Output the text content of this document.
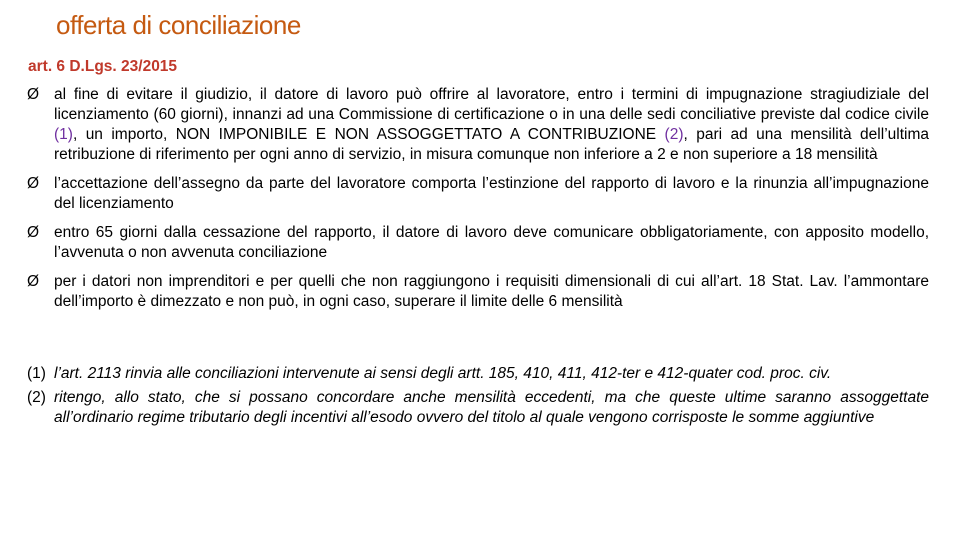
offerta di conciliazione
art. 6 D.Lgs. 23/2015
Ø al fine di evitare il giudizio, il datore di lavoro può offrire al lavoratore, entro i termini di impugnazione stragiudiziale del licenziamento (60 giorni), innanzi ad una Commissione di certificazione o in una delle sedi conciliative previste dal codice civile (1), un importo, NON IMPONIBILE E NON ASSOGGETTATO A CONTRIBUZIONE (2), pari ad una mensilità dell’ultima retribuzione di riferimento per ogni anno di servizio, in misura comunque non inferiore a 2 e non superiore a 18 mensilità
Ø l’accettazione dell’assegno da parte del lavoratore comporta l’estinzione del rapporto di lavoro e la rinunzia all’impugnazione del licenziamento
Ø entro 65 giorni dalla cessazione del rapporto, il datore di lavoro deve comunicare obbligatoriamente, con apposito modello, l’avvenuta o non avvenuta conciliazione
Ø per i datori non imprenditori e per quelli che non raggiungono i requisiti dimensionali di cui all’art. 18 Stat. Lav. l’ammontare dell’importo è dimezzato e non può, in ogni caso, superare il limite delle 6 mensilità
(1) l’art. 2113 rinvia alle conciliazioni intervenute ai sensi degli artt. 185, 410, 411, 412-ter e 412-quater cod. proc. civ.
(2) ritengo, allo stato, che si possano concordare anche mensilità eccedenti, ma che queste ultime saranno assoggettate all’ordinario regime tributario degli incentivi all’esodo ovvero del titolo al quale vengono corrisposte le somme aggiuntive
